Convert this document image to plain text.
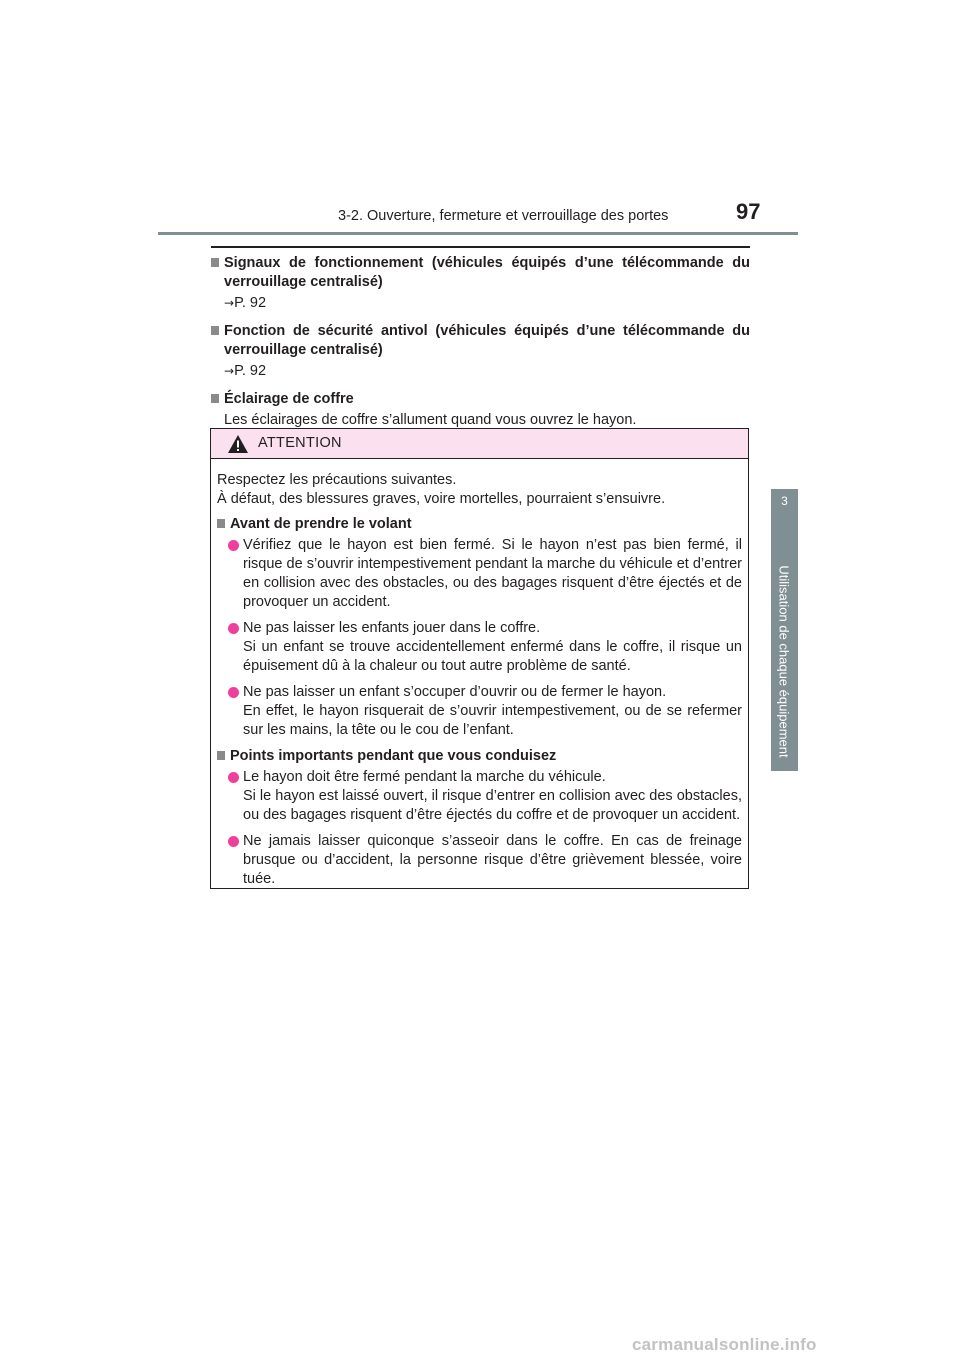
3-2. Ouverture, fermeture et verrouillage des portes	97
3
Utilisation de chaque équipement
Signaux de fonctionnement (véhicules équipés d’une télécommande du verrouillage centralisé)
→P. 92
Fonction de sécurité antivol (véhicules équipés d’une télécommande du verrouillage centralisé)
→P. 92
Éclairage de coffre
Les éclairages de coffre s’allument quand vous ouvrez le hayon.
ATTENTION

Respectez les précautions suivantes.

À défaut, des blessures graves, voire mortelles, pourraient s’ensuivre.

Avant de prendre le volant

Vérifiez que le hayon est bien fermé. Si le hayon n’est pas bien fermé, il risque de s’ouvrir intempestivement pendant la marche du véhicule et d’entrer en collision avec des obstacles, ou des bagages risquent d’être éjectés et de provoquer un accident.

Ne pas laisser les enfants jouer dans le coffre.

Si un enfant se trouve accidentellement enfermé dans le coffre, il risque un épuisement dû à la chaleur ou tout autre problème de santé.

Ne pas laisser un enfant s’occuper d’ouvrir ou de fermer le hayon.

En effet, le hayon risquerait de s’ouvrir intempestivement, ou de se refermer sur les mains, la tête ou le cou de l’enfant.

Points importants pendant que vous conduisez

Le hayon doit être fermé pendant la marche du véhicule.

Si le hayon est laissé ouvert, il risque d’entrer en collision avec des obstacles, ou des bagages risquent d’être éjectés du coffre et de provoquer un accident.

Ne jamais laisser quiconque s’asseoir dans le coffre. En cas de freinage brusque ou d’accident, la personne risque d’être grièvement blessée, voire tuée.

carmanualsonline.info
